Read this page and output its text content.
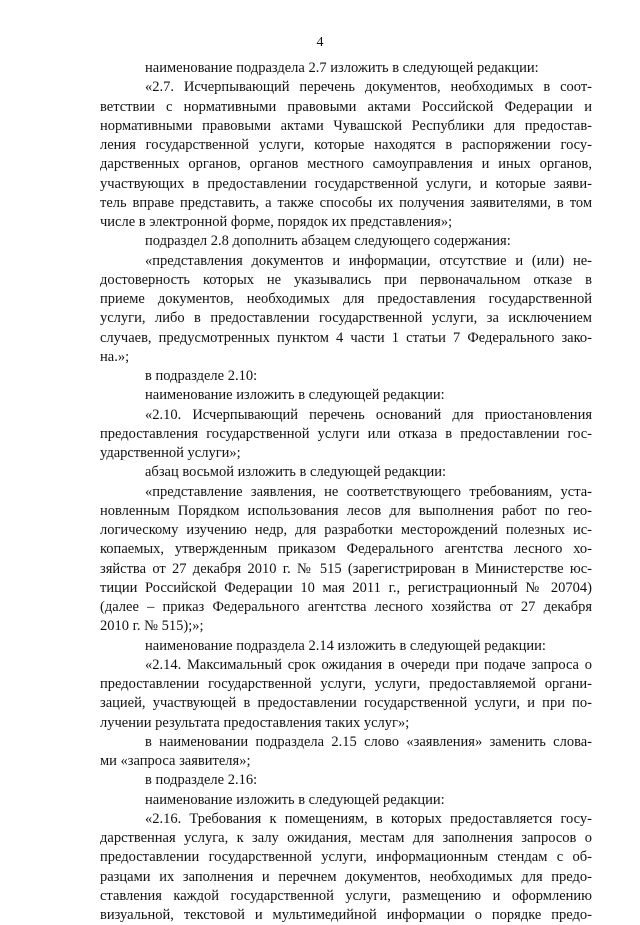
4
наименование подраздела 2.7 изложить в следующей редакции:
«2.7. Исчерпывающий перечень документов, необходимых в соот-
ветствии с нормативными правовыми актами Российской Федерации и
нормативными правовыми актами Чувашской Республики для предостав-
ления государственной услуги, которые находятся в распоряжении госу-
дарственных органов, органов местного самоуправления и иных органов,
участвующих в предоставлении государственной услуги, и которые заяви-
тель вправе представить, а также способы их получения заявителями, в том
числе в электронной форме, порядок их представления»;
подраздел 2.8 дополнить абзацем следующего содержания:
«представления документов и информации, отсутствие и (или) не-
достоверность которых не указывались при первоначальном отказе в
приеме документов, необходимых для предоставления государственной
услуги, либо в предоставлении государственной услуги, за исключением
случаев, предусмотренных пунктом 4 части 1 статьи 7 Федерального зако-
на.»;
в подразделе 2.10:
наименование изложить в следующей редакции:
«2.10. Исчерпывающий перечень оснований для приостановления
предоставления государственной услуги или отказа в предоставлении гос-
ударственной услуги»;
абзац восьмой изложить в следующей редакции:
«представление заявления, не соответствующего требованиям, уста-
новленным Порядком использования лесов для выполнения работ по гео-
логическому изучению недр, для разработки месторождений полезных ис-
копаемых, утвержденным приказом Федерального агентства лесного хо-
зяйства от 27 декабря 2010 г. № 515 (зарегистрирован в Министерстве юс-
тиции Российской Федерации 10 мая 2011 г., регистрационный № 20704)
(далее – приказ Федерального агентства лесного хозяйства от 27 декабря
2010 г. № 515);»;
наименование подраздела 2.14 изложить в следующей редакции:
«2.14. Максимальный срок ожидания в очереди при подаче запроса о
предоставлении государственной услуги, услуги, предоставляемой органи-
зацией, участвующей в предоставлении государственной услуги, и при по-
лучении результата предоставления таких услуг»;
в наименовании подраздела 2.15 слово «заявления» заменить слова-
ми «запроса заявителя»;
в подразделе 2.16:
наименование изложить в следующей редакции:
«2.16. Требования к помещениям, в которых предоставляется госу-
дарственная услуга, к залу ожидания, местам для заполнения запросов о
предоставлении государственной услуги, информационным стендам с об-
разцами их заполнения и перечнем документов, необходимых для предо-
ставления каждой государственной услуги, размещению и оформлению
визуальной, текстовой и мультимедийной информации о порядке предо-
